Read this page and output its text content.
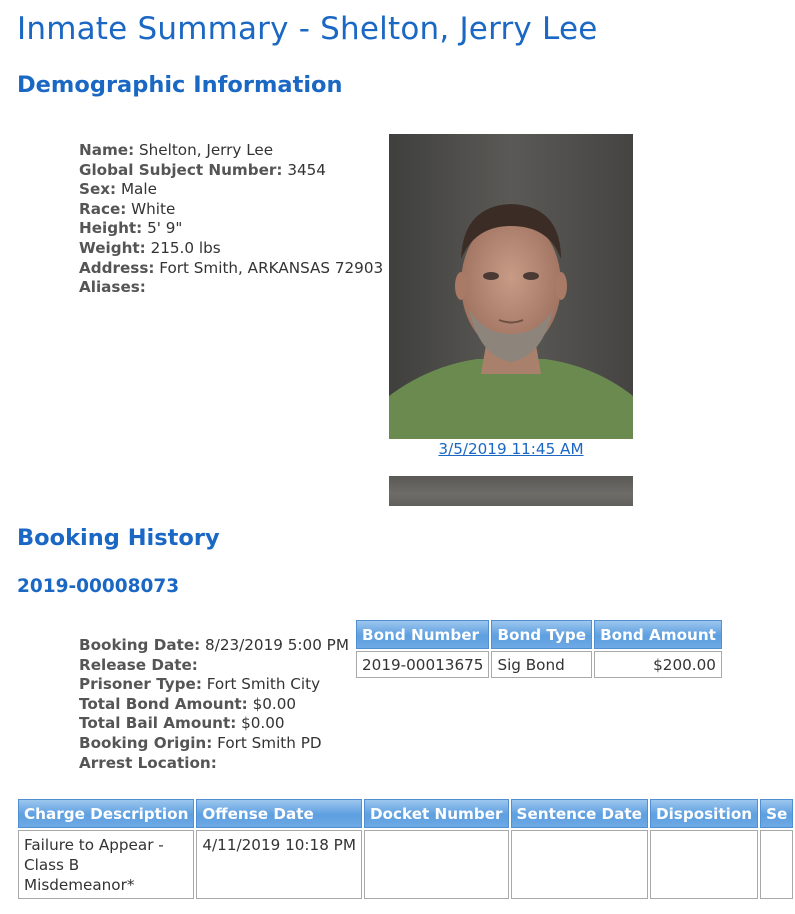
Inmate Summary - Shelton, Jerry Lee
Demographic Information
Name: Shelton, Jerry Lee
Global Subject Number: 3454
Sex: Male
Race: White
Height: 5' 9"
Weight: 215.0 lbs
Address: Fort Smith, ARKANSAS 72903
Aliases:
3/5/2019 11:45 AM
Booking History
2019-00008073
Booking Date: 8/23/2019 5:00 PM
Release Date:
Prisoner Type: Fort Smith City
Total Bond Amount: $0.00
Total Bail Amount: $0.00
Booking Origin: Fort Smith PD
Arrest Location:
Bond Number	Bond Type	Bond Amount
2019-00013675	Sig Bond	$200.00
Charge Description	Offense Date	Docket Number	Sentence Date	Disposition	Se
Failure to Appear - Class B Misdemeanor*	4/11/2019 10:18 PM				
